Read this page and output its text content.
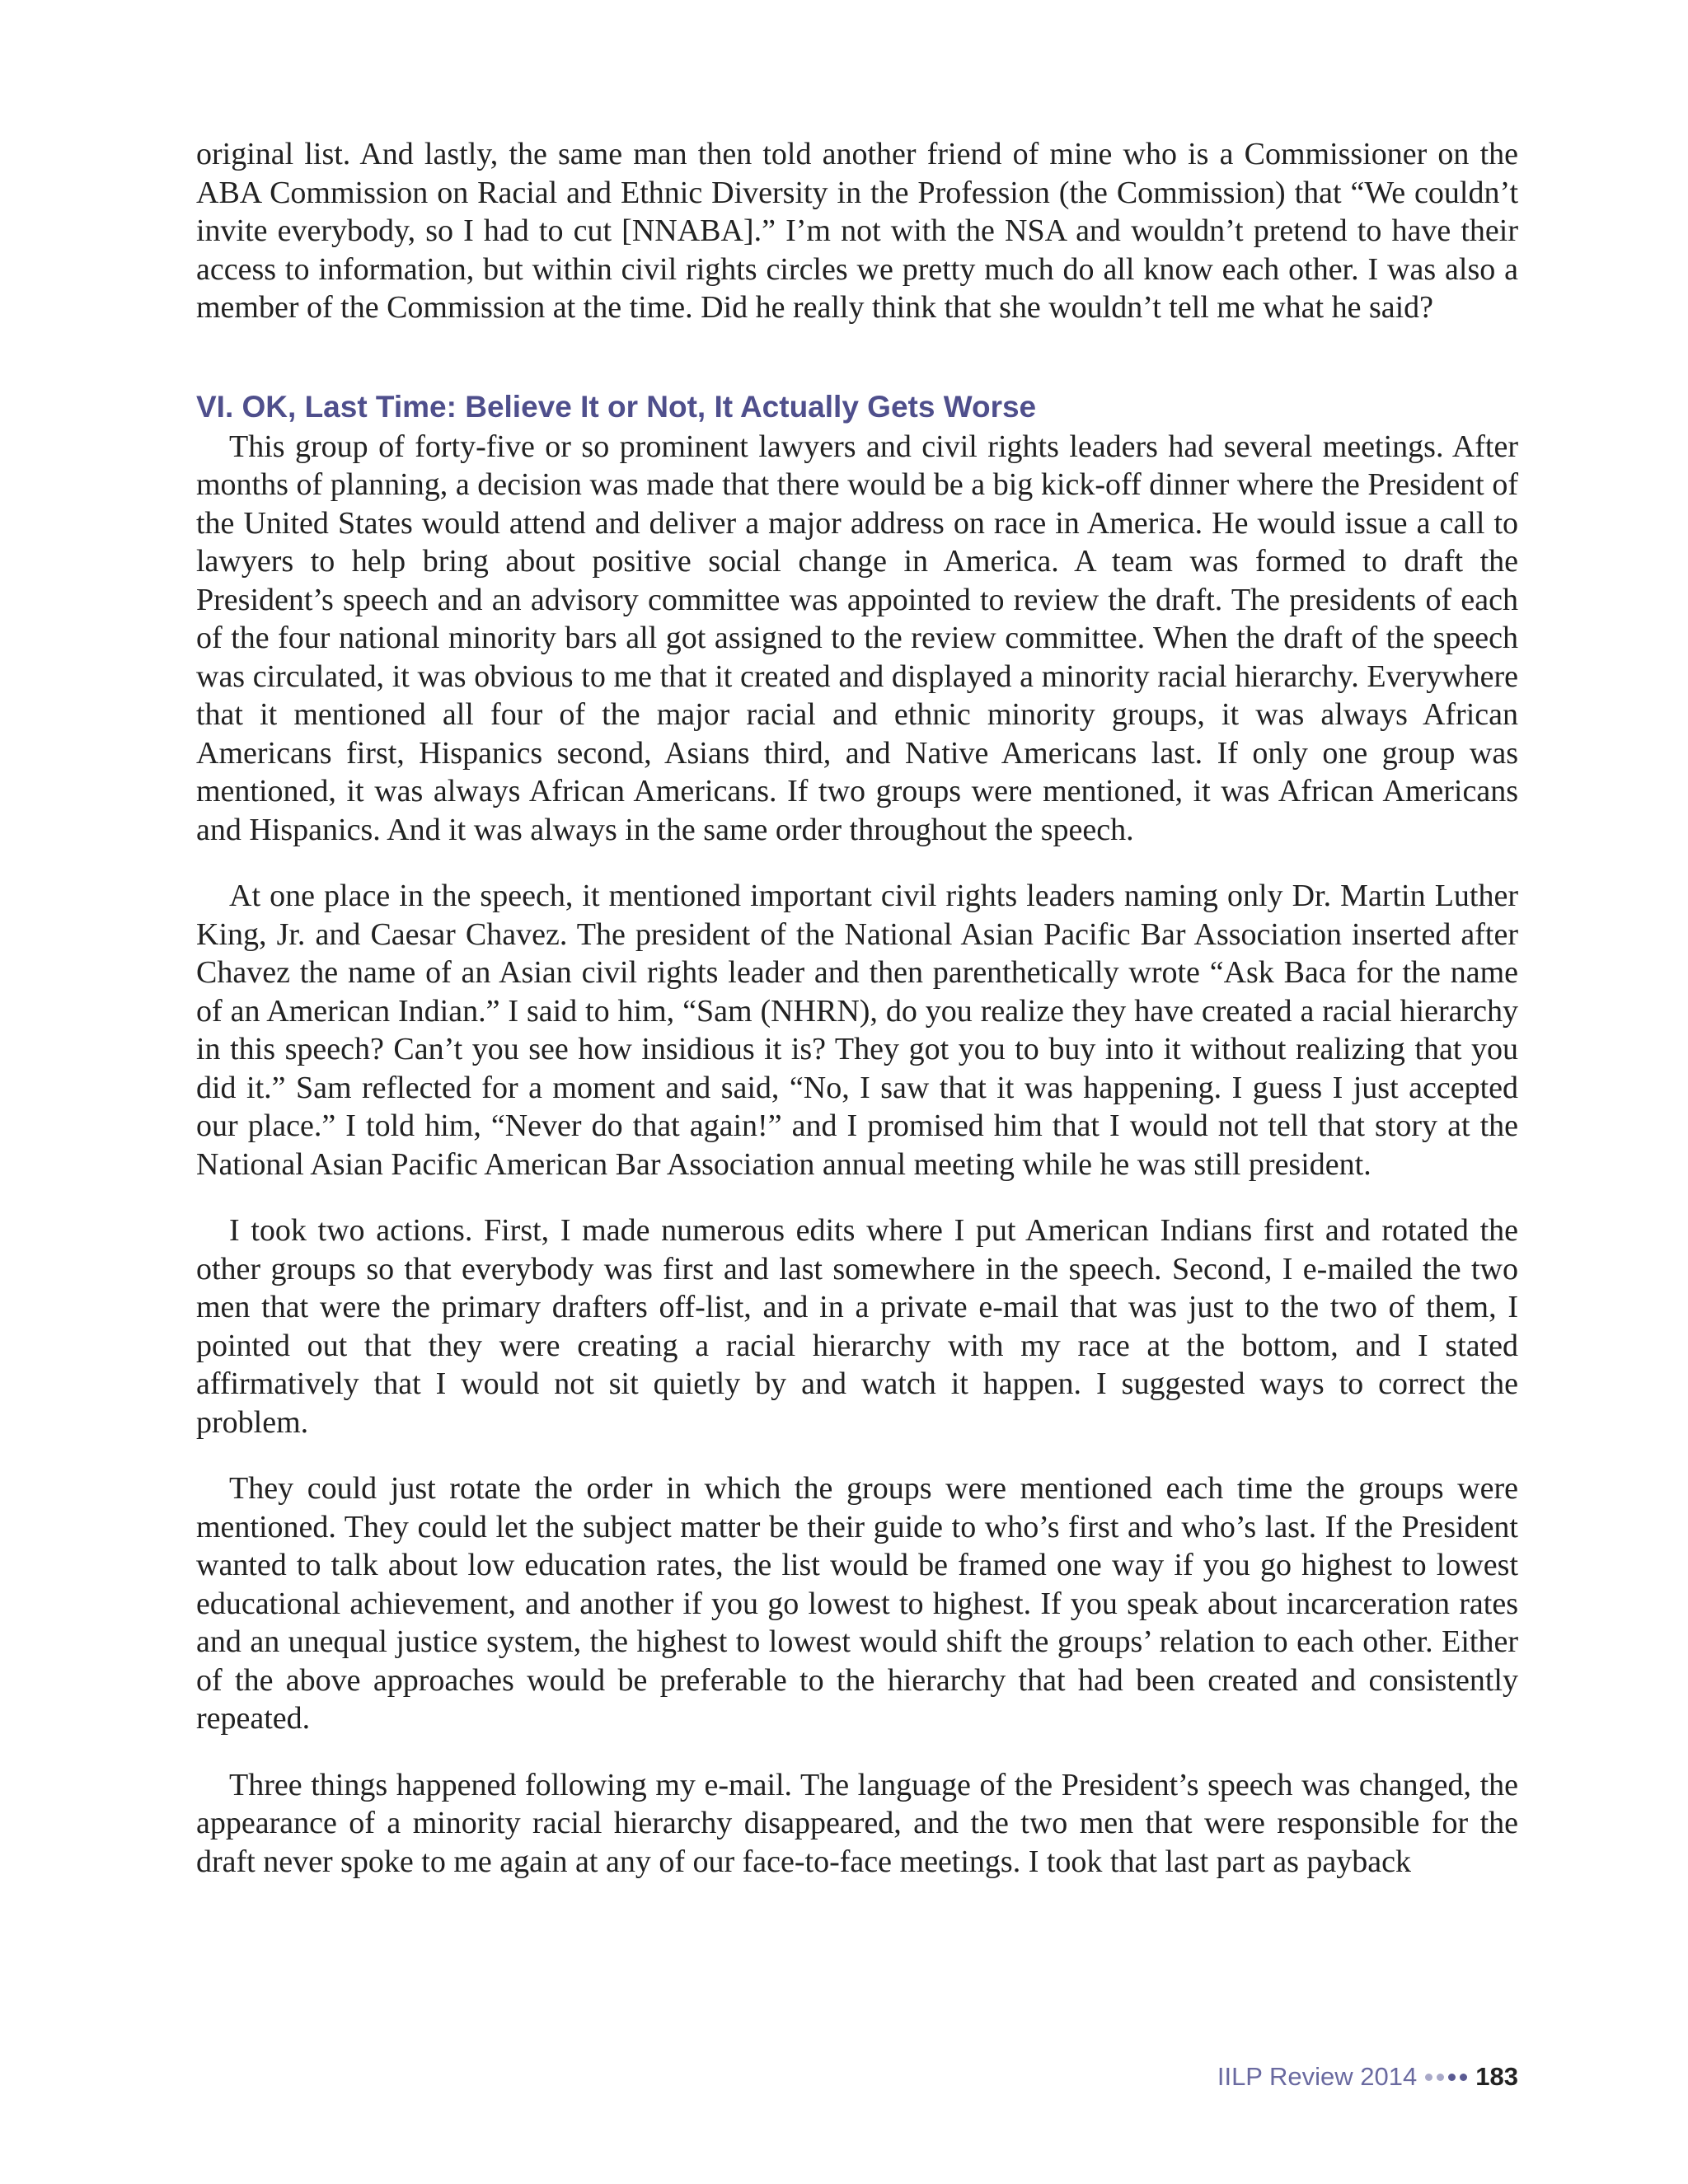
original list. And lastly, the same man then told another friend of mine who is a Commissioner on the ABA Commission on Racial and Ethnic Diversity in the Profession (the Commission) that “We couldn’t invite everybody, so I had to cut [NNABA].” I’m not with the NSA and wouldn’t pretend to have their access to information, but within civil rights circles we pretty much do all know each other. I was also a member of the Commission at the time. Did he really think that she wouldn’t tell me what he said?

VI. OK, Last Time: Believe It or Not, It Actually Gets Worse

This group of forty-five or so prominent lawyers and civil rights leaders had several meetings. After months of planning, a decision was made that there would be a big kick-off dinner where the President of the United States would attend and deliver a major address on race in America. He would issue a call to lawyers to help bring about positive social change in America. A team was formed to draft the President’s speech and an advisory committee was appointed to review the draft. The presidents of each of the four national minority bars all got assigned to the review committee. When the draft of the speech was circulated, it was obvious to me that it created and displayed a minority racial hierarchy. Everywhere that it mentioned all four of the major racial and ethnic minority groups, it was always African Americans first, Hispanics second, Asians third, and Native Americans last. If only one group was mentioned, it was always African Americans. If two groups were mentioned, it was African Americans and Hispanics. And it was always in the same order throughout the speech.

At one place in the speech, it mentioned important civil rights leaders naming only Dr. Martin Luther King, Jr. and Caesar Chavez. The president of the National Asian Pacific Bar Association inserted after Chavez the name of an Asian civil rights leader and then parenthetically wrote “Ask Baca for the name of an American Indian.” I said to him, “Sam (NHRN), do you realize they have created a racial hierarchy in this speech? Can’t you see how insidious it is? They got you to buy into it without realizing that you did it.” Sam reflected for a moment and said, “No, I saw that it was happening. I guess I just accepted our place.” I told him, “Never do that again!” and I promised him that I would not tell that story at the National Asian Pacific American Bar Association annual meeting while he was still president.

I took two actions. First, I made numerous edits where I put American Indians first and rotated the other groups so that everybody was first and last somewhere in the speech. Second, I e-mailed the two men that were the primary drafters off-list, and in a private e-mail that was just to the two of them, I pointed out that they were creating a racial hierarchy with my race at the bottom, and I stated affirmatively that I would not sit quietly by and watch it happen. I suggested ways to correct the problem.

They could just rotate the order in which the groups were mentioned each time the groups were mentioned. They could let the subject matter be their guide to who’s first and who’s last. If the President wanted to talk about low education rates, the list would be framed one way if you go highest to lowest educational achievement, and another if you go lowest to highest. If you speak about incarceration rates and an unequal justice system, the highest to lowest would shift the groups’ relation to each other. Either of the above approaches would be preferable to the hierarchy that had been created and consistently repeated.

Three things happened following my e-mail. The language of the President’s speech was changed, the appearance of a minority racial hierarchy disappeared, and the two men that were responsible for the draft never spoke to me again at any of our face-to-face meetings. I took that last part as payback

IILP Review 2014 183
